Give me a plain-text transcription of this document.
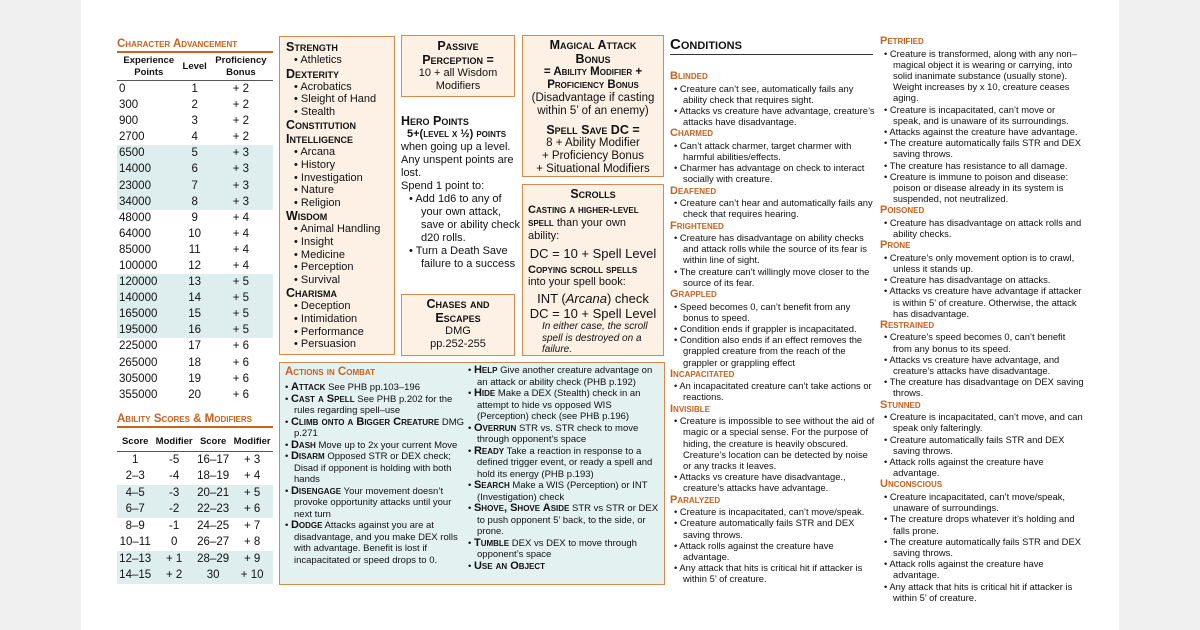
Character Advancement
Experience Points	Level	Proficiency Bonus
0	1	+ 2
300	2	+ 2
900	3	+ 2
2700	4	+ 2
6500	5	+ 3
14000	6	+ 3
23000	7	+ 3
34000	8	+ 3
48000	9	+ 4
64000	10	+ 4
85000	11	+ 4
100000	12	+ 4
120000	13	+ 5
140000	14	+ 5
165000	15	+ 5
195000	16	+ 5
225000	17	+ 6
265000	18	+ 6
305000	19	+ 6
355000	20	+ 6
Ability Scores & Modifiers
Score	Modifier	Score	Modifier
1	-5	16–17	+ 3
2–3	-4	18–19	+ 4
4–5	-3	20–21	+ 5
6–7	-2	22–23	+ 6
8–9	-1	24–25	+ 7
10–11	0	26–27	+ 8
12–13	+ 1	28–29	+ 9
14–15	+ 2	30	+ 10
Strength
• Athletics
Dexterity
• Acrobatics
• Sleight of Hand
• Stealth
Constitution
Intelligence
• Arcana
• History
• Investigation
• Nature
• Religion
Wisdom
• Animal Handling
• Insight
• Medicine
• Perception
• Survival
Charisma
• Deception
• Intimidation
• Performance
• Persuasion
Passive
Perception =
10 + all Wisdom Modifiers
Magical Attack
Bonus
= Ability Modifier +
Proficiency Bonus
(Disadvantage if casting within 5’ of an enemy)
Spell Save DC =
8 + Ability Modifier
+ Proficiency Bonus
+ Situational Modifiers
Hero Points
5+(level x ½) points
when going up a level. Any unspent points are lost.
Spend 1 point to:
• Add 1d6 to any of your own attack, save or ability check d20 rolls.
• Turn a Death Save failure to a success
Scrolls
Casting a higher-level spell than your own ability:
DC = 10 + Spell Level
Copying scroll spells
into your spell book:
INT (Arcana) check
DC = 10 + Spell Level
In either case, the scroll spell is destroyed on a failure.
Chases and
Escapes
DMG
pp.252-255
Actions in Combat
• Attack See PHB pp.103–196
• Cast a Spell See PHB p.202 for the rules regarding spell–use
• Climb onto a Bigger Creature DMG p.271
• Dash Move up to 2x your current Move
• Disarm Opposed STR or DEX check; Disad if opponent is holding with both hands
• Disengage Your movement doesn’t provoke opportunity attacks until your next turn
• Dodge Attacks against you are at disadvantage, and you make DEX rolls with advantage. Benefit is lost if incapacitated or speed drops to 0.
• Help Give another creature advantage on an attack or ability check (PHB p.192)
• Hide Make a DEX (Stealth) check in an attempt to hide vs opposed WIS (Perception) check (see PHB p.196)
• Overrun STR vs. STR check to move through opponent’s space
• Ready Take a reaction in response to a defined trigger event, or ready a spell and hold its energy (PHB p.193)
• Search Make a WIS (Perception) or INT (Investigation) check
• Shove, Shove Aside STR vs STR or DEX to push opponent 5’ back, to the side, or prone.
• Tumble DEX vs DEX to move through opponent’s space
• Use an Object
Conditions
Blinded
• Creature can’t see, automatically fails any ability check that requires sight.
• Attacks vs creature have advantage, creature’s attacks have disadvantage.
Charmed
• Can’t attack charmer, target charmer with harmful abilities/effects.
• Charmer has advantage on check to interact socially with creature.
Deafened
• Creature can’t hear and automatically fails any check that requires hearing.
Frightened
• Creature has disadvantage on ability checks and attack rolls while the source of its fear is within line of sight.
• The creature can’t willingly move closer to the source of its fear.
Grappled
• Speed becomes 0, can’t benefit from any bonus to speed.
• Condition ends if grappler is incapacitated.
• Condition also ends if an effect removes the grappled creature from the reach of the grappler or grappling effect
Incapacitated
• An incapacitated creature can’t take actions or reactions.
Invisible
• Creature is impossible to see without the aid of magic or a special sense. For the purpose of hiding, the creature is heavily obscured. Creature’s location can be detected by noise or any tracks it leaves.
• Attacks vs creature have disadvantage., creature’s attacks have advantage.
Paralyzed
• Creature is incapacitated, can’t move/speak.
• Creature automatically fails STR and DEX saving throws.
• Attack rolls against the creature have advantage.
• Any attack that hits is critical hit if attacker is within 5’ of creature.
Petrified
• Creature is transformed, along with any non–magical object it is wearing or carrying, into solid inanimate substance (usually stone). Weight increases by x 10, creature ceases aging.
• Creature is incapacitated, can’t move or speak, and is unaware of its surroundings.
• Attacks against the creature have advantage.
• The creature automatically fails STR and DEX saving throws.
• The creature has resistance to all damage.
• Creature is immune to poison and disease: poison or disease already in its system is suspended, not neutralized.
Poisoned
• Creature has disadvantage on attack rolls and ability checks.
Prone
• Creature’s only movement option is to crawl, unless it stands up.
• Creature has disadvantage on attacks.
• Attacks vs creature have advantage if attacker is within 5’ of creature. Otherwise, the attack has disadvantage.
Restrained
• Creature’s speed becomes 0, can’t benefit from any bonus to its speed.
• Attacks vs creature have advantage, and creature’s attacks have disadvantage.
• The creature has disadvantage on DEX saving throws.
Stunned
• Creature is incapacitated, can’t move, and can speak only falteringly.
• Creature automatically fails STR and DEX saving throws.
• Attack rolls against the creature have advantage.
Unconscious
• Creature incapacitated, can’t move/speak, unaware of surroundings.
• The creature drops whatever it’s holding and falls prone.
• The creature automatically fails STR and DEX saving throws.
• Attack rolls against the creature have advantage.
• Any attack that hits is critical hit if attacker is within 5’ of creature.
